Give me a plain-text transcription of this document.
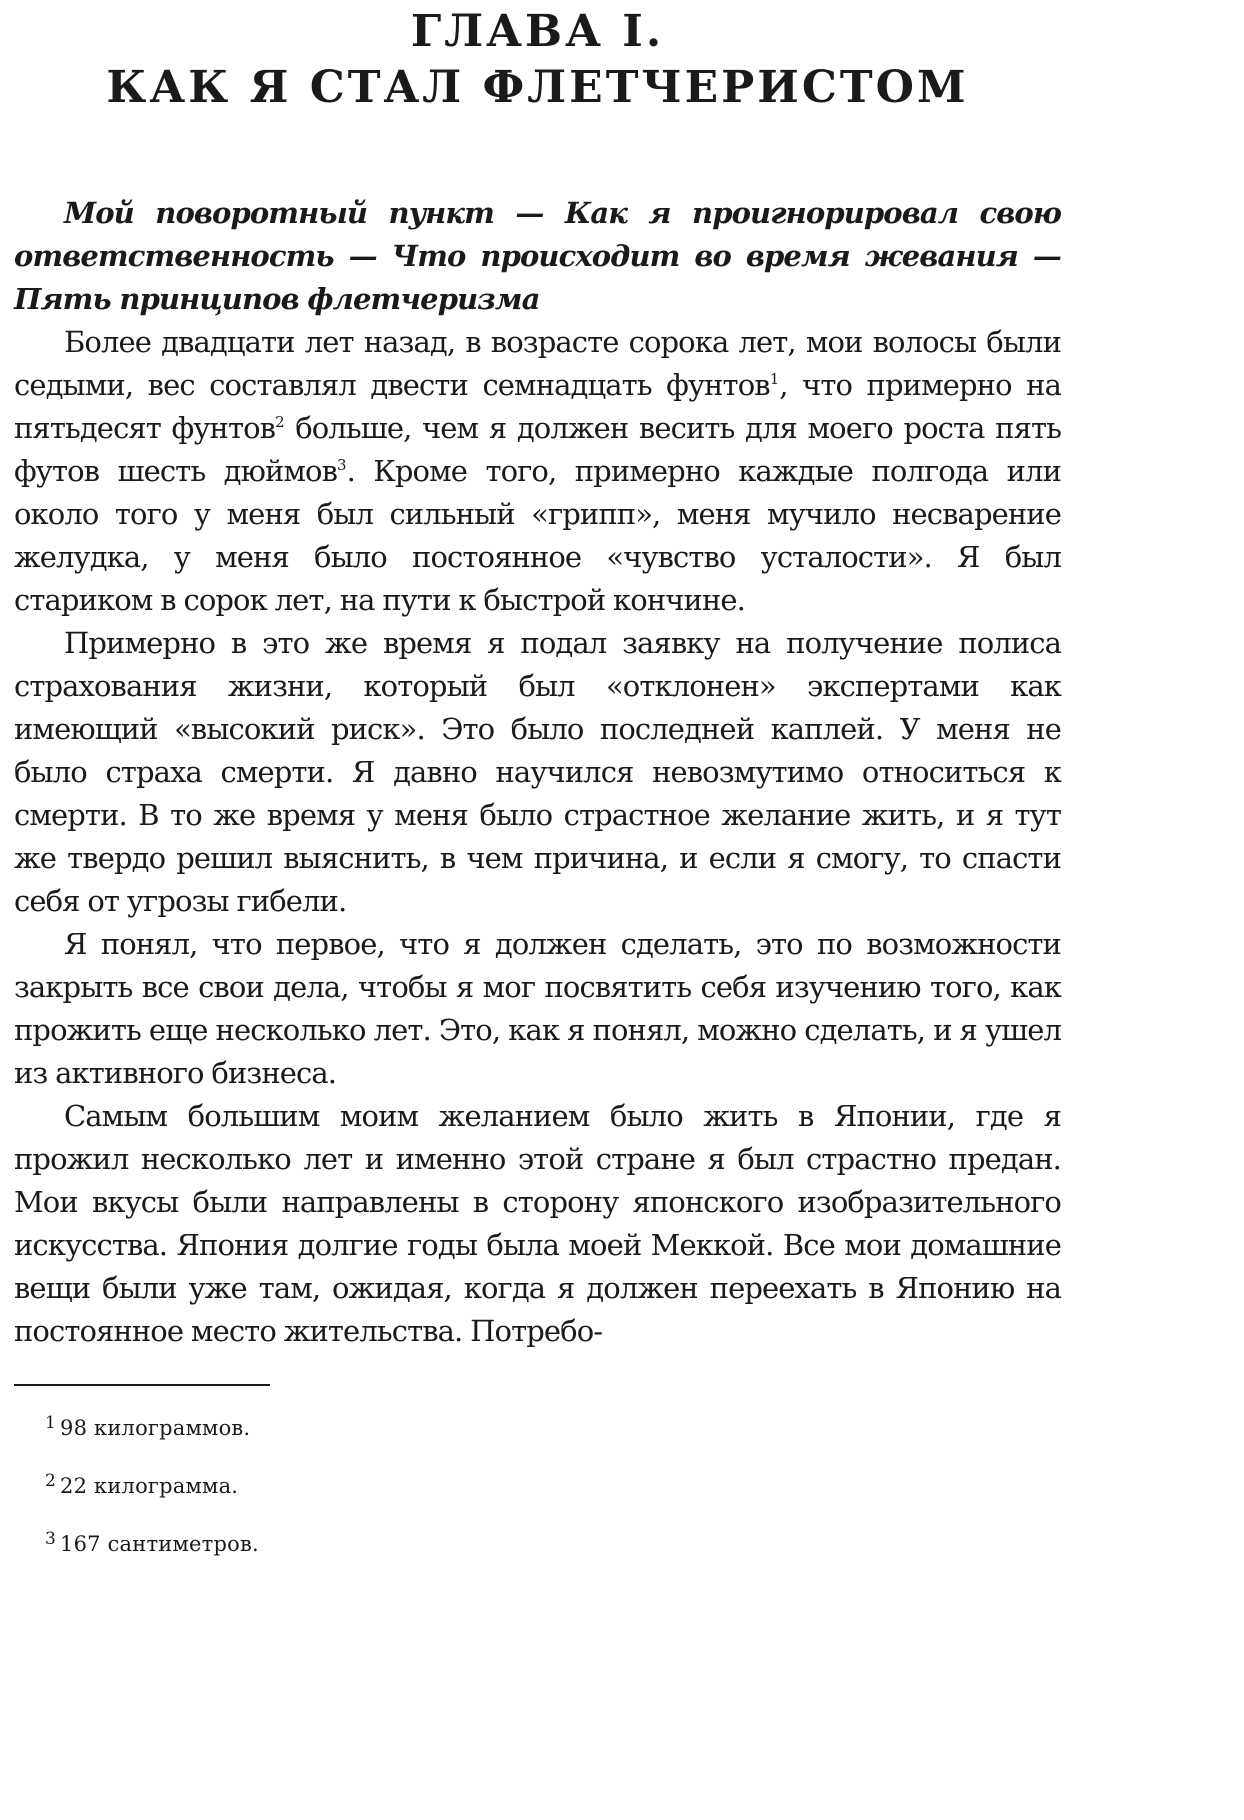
ГЛАВА I.
КАК Я СТАЛ ФЛЕТЧЕРИСТОМ

Мой поворотный пункт — Как я проигнорировал свою ответственность — Что происходит во время жевания — Пять принципов флетчеризма

Более двадцати лет назад, в возрасте сорока лет, мои волосы были седыми, вес составлял двести семнадцать фунтов$^1$, что примерно на пятьдесят фунтов$^2$ больше, чем я должен весить для моего роста пять футов шесть дюймов$^3$. Кроме того, примерно каждые полгода или около того у меня был сильный «грипп», меня мучило несварение желудка, у меня было постоянное «чувство усталости». Я был стариком в сорок лет, на пути к быстрой кончине.

Примерно в это же время я подал заявку на получение полиса страхования жизни, который был «отклонен» экспертами как имеющий «высокий риск». Это было последней каплей. У меня не было страха смерти. Я давно научился невозмутимо относиться к смерти. В то же время у меня было страстное желание жить, и я тут же твердо решил выяснить, в чем причина, и если я смогу, то спасти себя от угрозы гибели.

Я понял, что первое, что я должен сделать, это по возможности закрыть все свои дела, чтобы я мог посвятить себя изучению того, как прожить еще несколько лет. Это, как я понял, можно сделать, и я ушел из активного бизнеса.

Самым большим моим желанием было жить в Японии, где я прожил несколько лет и именно этой стране я был страстно предан. Мои вкусы были направлены в сторону японского изобразительного искусства. Япония долгие годы была моей Меккой. Все мои домашние вещи были уже там, ожидая, когда я должен переехать в Японию на постоянное место жительства. Потребо-

$^1$ 98 килограммов.
$^2$ 22 килограмма.
$^3$ 167 сантиметров.
